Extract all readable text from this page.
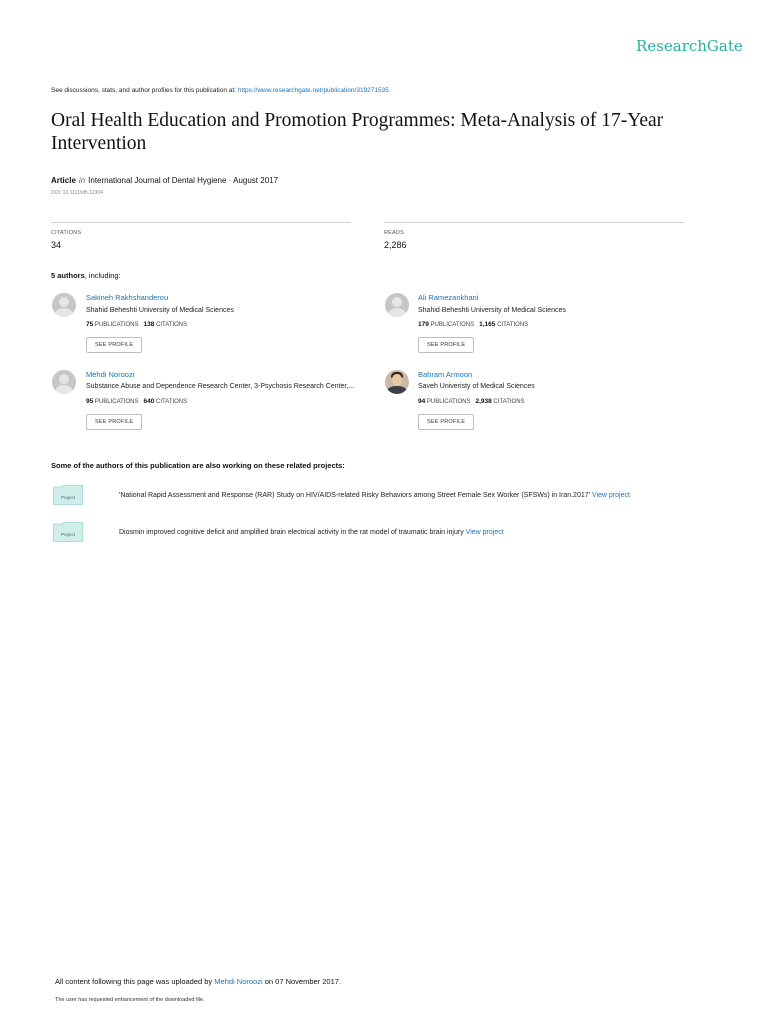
ResearchGate
See discussions, stats, and author profiles for this publication at: https://www.researchgate.net/publication/319271535
Oral Health Education and Promotion Programmes: Meta-Analysis of 17-Year Intervention
Article in International Journal of Dental Hygiene · August 2017
DOI: 10.1111/idh.12304
CITATIONS
34
READS
2,286
5 authors, including:
Sakineh Rakhshanderou
Shahid Beheshti University of Medical Sciences
75 PUBLICATIONS 138 CITATIONS
SEE PROFILE
Ali Ramezankhani
Shahid Beheshti University of Medical Sciences
179 PUBLICATIONS 1,165 CITATIONS
SEE PROFILE
Mehdi Noroozi
Substance Abuse and Dependence Research Center, 3-Psychosis Research Center,...
95 PUBLICATIONS 640 CITATIONS
SEE PROFILE
Bahram Armoon
Saveh Univeristy of Medical Sciences
94 PUBLICATIONS 2,938 CITATIONS
SEE PROFILE
Some of the authors of this publication are also working on these related projects:
Project	'National Rapid Assessment and Response (RAR) Study on HIV/AIDS-related Risky Behaviors among Street Female Sex Worker (SFSWs) in Iran.2017' View project
Project	Diosmin improved cognitive deficit and amplified brain electrical activity in the rat model of traumatic brain injury View project
All content following this page was uploaded by Mehdi Noroozi on 07 November 2017.
The user has requested enhancement of the downloaded file.
